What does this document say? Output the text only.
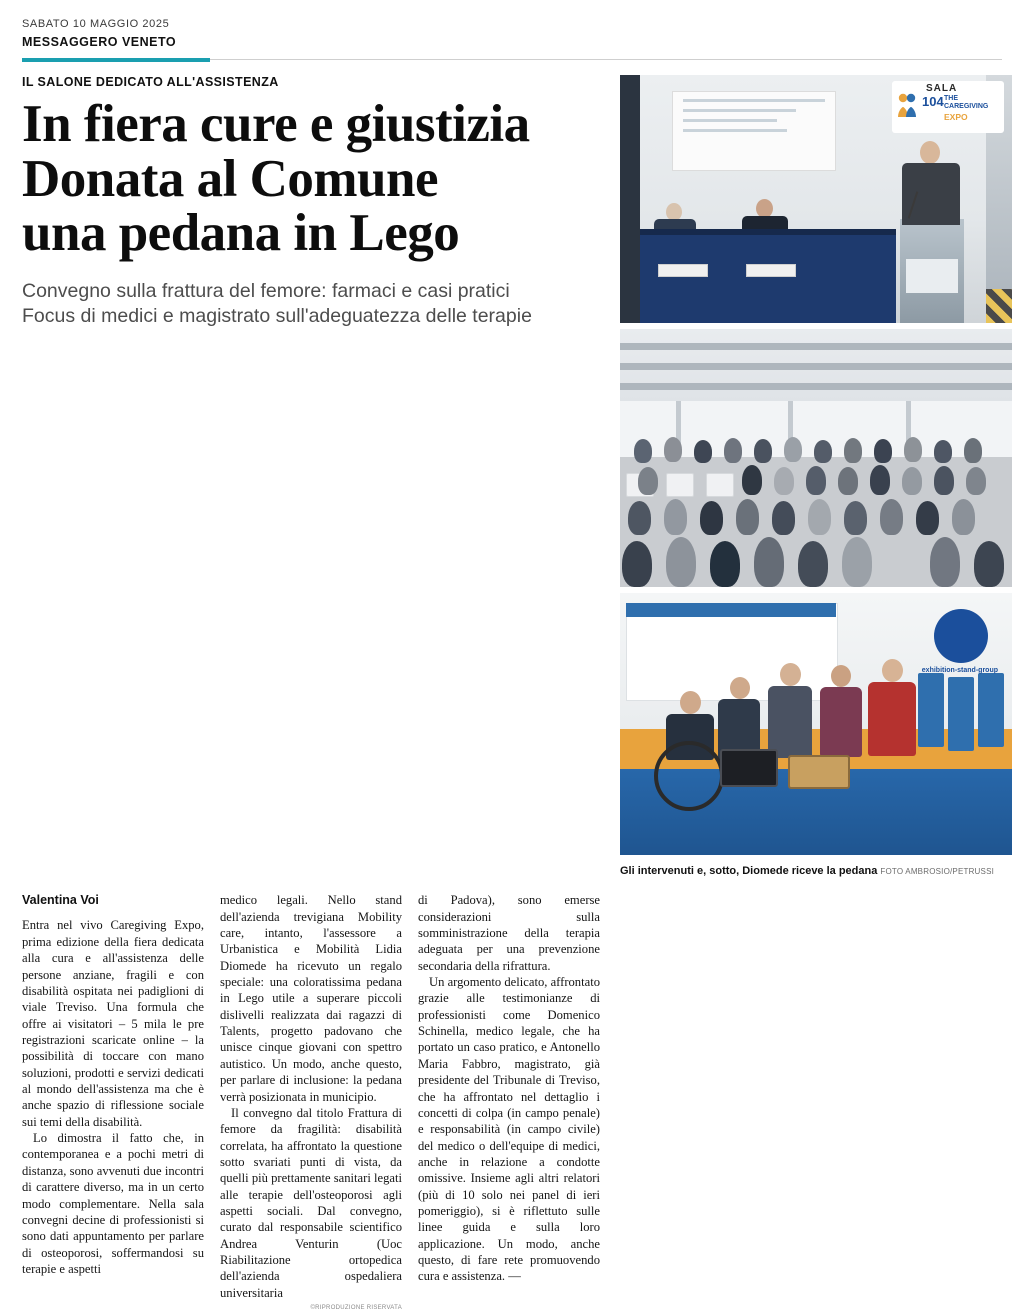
SABATO 10 MAGGIO 2025
MESSAGGERO VENETO
IL SALONE DEDICATO ALL'ASSISTENZA
In fiera cure e giustizia
Donata al Comune
una pedana in Lego
Convegno sulla frattura del femore: farmaci e casi pratici
Focus di medici e magistrato sull'adeguatezza delle terapie
SALA
104 THE CAREGIVING
EXPO
exhibition-stand-group
Gli intervenuti e, sotto, Diomede riceve la pedana FOTO AMBROSIO/PETRUSSI
Valentina Voi

Entra nel vivo Caregiving Expo, prima edizione della fiera dedicata alla cura e all'assistenza delle persone anziane, fragili e con disabilità ospitata nei padiglioni di viale Treviso. Una formula che offre ai visitatori – 5 mila le pre registrazioni scaricate online – la possibilità di toccare con mano soluzioni, prodotti e servizi dedicati al mondo dell'assistenza ma che è anche spazio di riflessione sociale sui temi della disabilità.

Lo dimostra il fatto che, in contemporanea e a pochi metri di distanza, sono avvenuti due incontri di carattere diverso, ma in un certo modo complementare. Nella sala convegni decine di professionisti si sono dati appuntamento per parlare di osteoporosi, soffermandosi su terapie e aspetti

medico legali. Nello stand dell'azienda trevigiana Mobility care, intanto, l'assessore a Urbanistica e Mobilità Lidia Diomede ha ricevuto un regalo speciale: una coloratissima pedana in Lego utile a superare piccoli dislivelli realizzata dai ragazzi di Talents, progetto padovano che unisce cinque giovani con spettro autistico. Un modo, anche questo, per parlare di inclusione: la pedana verrà posizionata in municipio.

Il convegno dal titolo Frattura di femore da fragilità: disabilità correlata, ha affrontato la questione sotto svariati punti di vista, da quelli più prettamente sanitari legati alle terapie dell'osteoporosi agli aspetti sociali. Dal convegno, curato dal responsabile scientifico Andrea Venturin (Uoc Riabilitazione ortopedica dell'azienda ospedaliera universitaria

©RIPRODUZIONE RISERVATA

di Padova), sono emerse considerazioni sulla somministrazione della terapia adeguata per una prevenzione secondaria della rifrattura.

Un argomento delicato, affrontato grazie alle testimonianze di professionisti come Domenico Schinella, medico legale, che ha portato un caso pratico, e Antonello Maria Fabbro, magistrato, già presidente del Tribunale di Treviso, che ha affrontato nel dettaglio i concetti di colpa (in campo penale) e responsabilità (in campo civile) del medico o dell'equipe di medici, anche in relazione a condotte omissive. Insieme agli altri relatori (più di 10 solo nei panel di ieri pomeriggio), si è riflettuto sulle linee guida e sulla loro applicazione. Un modo, anche questo, di fare rete promuovendo cura e assistenza. —
